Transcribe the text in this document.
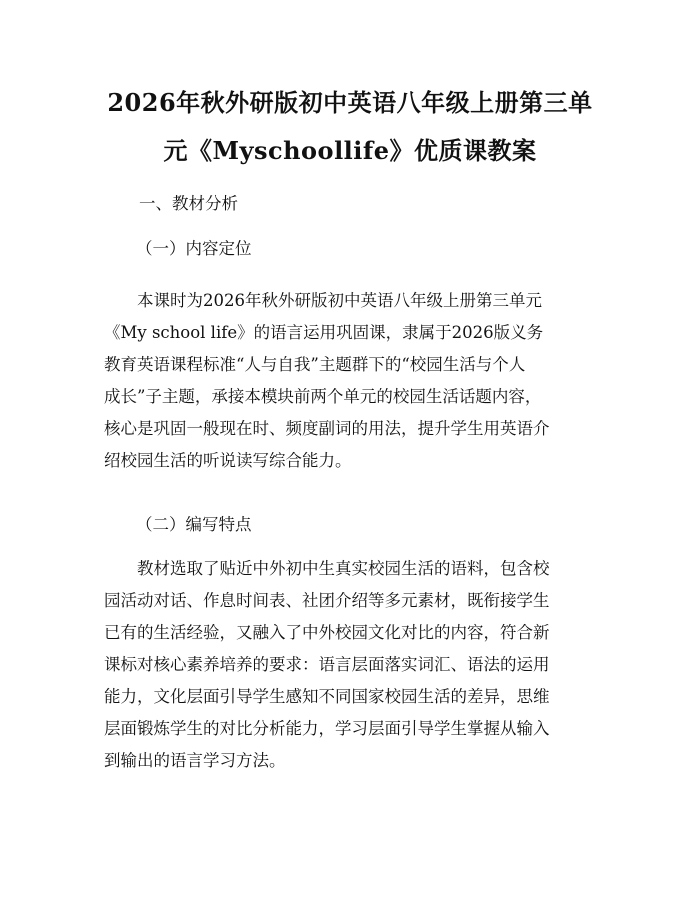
2026年秋外研版初中英语八年级上册第三单
元《Myschoollife》优质课教案
一、教材分析
（一）内容定位
本课时为2026年秋外研版初中英语八年级上册第三单元
《My school life》的语言运用巩固课，隶属于2026版义务
教育英语课程标准“人与自我”主题群下的“校园生活与个人
成长”子主题，承接本模块前两个单元的校园生活话题内容，
核心是巩固一般现在时、频度副词的用法，提升学生用英语介
绍校园生活的听说读写综合能力。
（二）编写特点
教材选取了贴近中外初中生真实校园生活的语料，包含校
园活动对话、作息时间表、社团介绍等多元素材，既衔接学生
已有的生活经验，又融入了中外校园文化对比的内容，符合新
课标对核心素养培养的要求：语言层面落实词汇、语法的运用
能力，文化层面引导学生感知不同国家校园生活的差异，思维
层面锻炼学生的对比分析能力，学习层面引导学生掌握从输入
到输出的语言学习方法。
